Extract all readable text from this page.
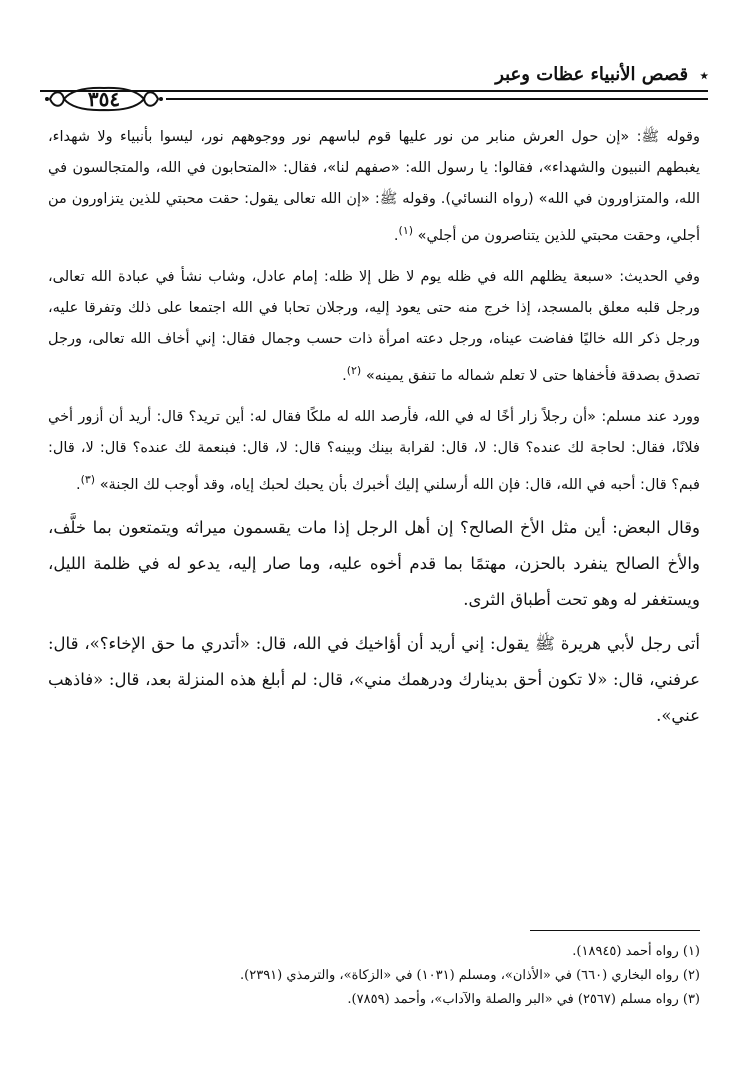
٭ قصص الأنبياء عظات وعبر
٣٥٤

وقوله ﷺ: «إن حول العرش منابر من نور عليها قوم لباسهم نور ووجوههم نور، ليسوا بأنبياء ولا شهداء، يغبطهم النبيون والشهداء»، فقالوا: يا رسول الله: «صفهم لنا»، فقال: «المتحابون في الله، والمتجالسون في الله، والمتزاورون في الله» (رواه النسائي). وقوله ﷺ: «إن الله تعالى يقول: حقت محبتي للذين يتزاورون من أجلي، وحقت محبتي للذين يتناصرون من أجلي» $^{(١)}$.

وفي الحديث: «سبعة يظلهم الله في ظله يوم لا ظل إلا ظله: إمام عادل، وشاب نشأ في عبادة الله تعالى، ورجل قلبه معلق بالمسجد، إذا خرج منه حتى يعود إليه، ورجلان تحابا في الله اجتمعا على ذلك وتفرقا عليه، ورجل ذكر الله خاليًا ففاضت عيناه، ورجل دعته امرأة ذات حسب وجمال فقال: إني أخاف الله تعالى، ورجل تصدق بصدقة فأخفاها حتى لا تعلم شماله ما تنفق يمينه» $^{(٢)}$.

وورد عند مسلم: «أن رجلاً زار أخًا له في الله، فأرصد الله له ملكًا فقال له: أين تريد؟ قال: أريد أن أزور أخي فلانًا، فقال: لحاجة لك عنده؟ قال: لا، قال: لقرابة بينك وبينه؟ قال: لا، قال: فبنعمة لك عنده؟ قال: لا، قال: فبم؟ قال: أحبه في الله، قال: فإن الله أرسلني إليك أخبرك بأن يحبك لحبك إياه، وقد أوجب لك الجنة» $^{(٣)}$.

وقال البعض: أين مثل الأخ الصالح؟ إن أهل الرجل إذا مات يقسمون ميراثه ويتمتعون بما خلَّف، والأخ الصالح ينفرد بالحزن، مهتمًا بما قدم أخوه عليه، وما صار إليه، يدعو له في ظلمة الليل، ويستغفر له وهو تحت أطباق الثرى.

أتى رجل لأبي هريرة ﷺ يقول: إني أريد أن أؤاخيك في الله، قال: «أتدري ما حق الإخاء؟»، قال: عرفني، قال: «لا تكون أحق بدينارك ودرهمك مني»، قال: لم أبلغ هذه المنزلة بعد، قال: «فاذهب عني».

(١) رواه أحمد (١٨٩٤٥).

(٢) رواه البخاري (٦٦٠) في «الأذان»، ومسلم (١٠٣١) في «الزكاة»، والترمذي (٢٣٩١).

(٣) رواه مسلم (٢٥٦٧) في «البر والصلة والآداب»، وأحمد (٧٨٥٩).
